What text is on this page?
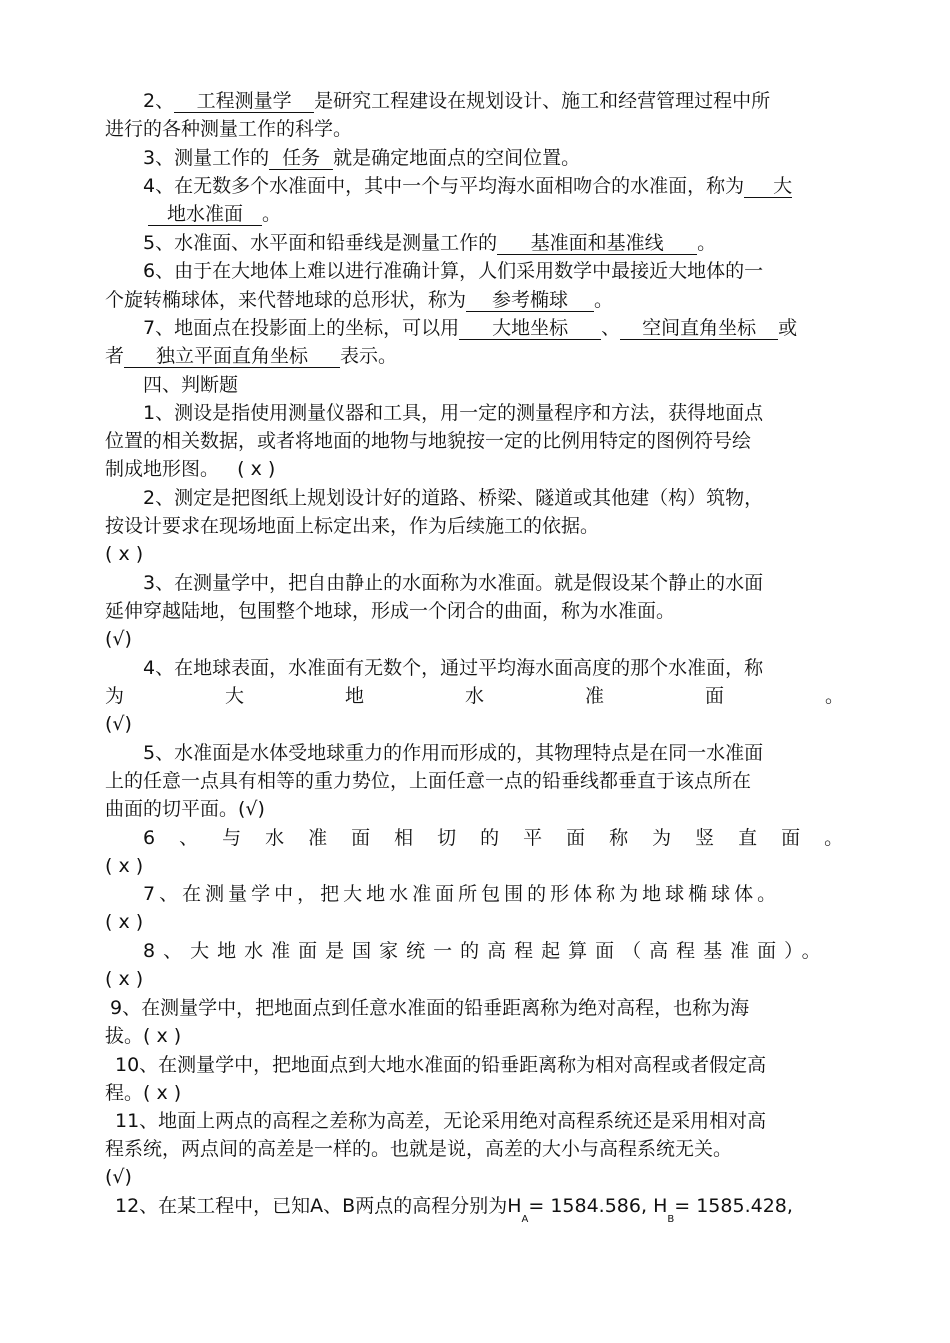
2、 工程测量学 是研究工程建设在规划设计、施工和经营管理过程中所
进行的各种测量工作的科学。
3、测量工作的 任务 就是确定地面点的空间位置。
4、在无数多个水准面中，其中一个与平均海水面相吻合的水准面，称为 大
地水准面 。
5、水准面、水平面和铅垂线是测量工作的 基准面和基准线 。
6、由于在大地体上难以进行准确计算，人们采用数学中最接近大地体的一
个旋转椭球体，来代替地球的总形状，称为 参考椭球 。
7、地面点在投影面上的坐标，可以用 大地坐标 、 空间直角坐标 或
者 独立平面直角坐标 表示。
四、判断题
1、测设是指使用测量仪器和工具，用一定的测量程序和方法，获得地面点
位置的相关数据，或者将地面的地物与地貌按一定的比例用特定的图例符号绘
制成地形图。   ( x )
2、测定是把图纸上规划设计好的道路、桥梁、隧道或其他建（构）筑物，
按设计要求在现场地面上标定出来，作为后续施工的依据。
( x )
3、在测量学中，把自由静止的水面称为水准面。就是假设某个静止的水面
延伸穿越陆地，包围整个地球，形成一个闭合的曲面，称为水准面。
(√)
4、在地球表面，水准面有无数个，通过平均海水面高度的那个水准面，称
为大地水准面。
(√)
5、水准面是水体受地球重力的作用而形成的，其物理特点是在同一水准面
上的任意一点具有相等的重力势位，上面任意一点的铅垂线都垂直于该点所在
曲面的切平面。(√)
6、与水准面相切的平面称为竖直面。
( x )
7、在测量学中，把大地水准面所包围的形体称为地球椭球体。
( x )
8、大地水准面是国家统一的高程起算面（高程基准面）。
( x )
9、在测量学中，把地面点到任意水准面的铅垂距离称为绝对高程，也称为海
拔。( x )
10、在测量学中，把地面点到大地水准面的铅垂距离称为相对高程或者假定高
程。( x )
11、地面上两点的高程之差称为高差，无论采用绝对高程系统还是采用相对高
程系统，两点间的高差是一样的。也就是说，高差的大小与高程系统无关。
(√)
12、在某工程中，已知A、B两点的高程分别为$H_A= 1584.586$, $H_B= 1585.428$,
